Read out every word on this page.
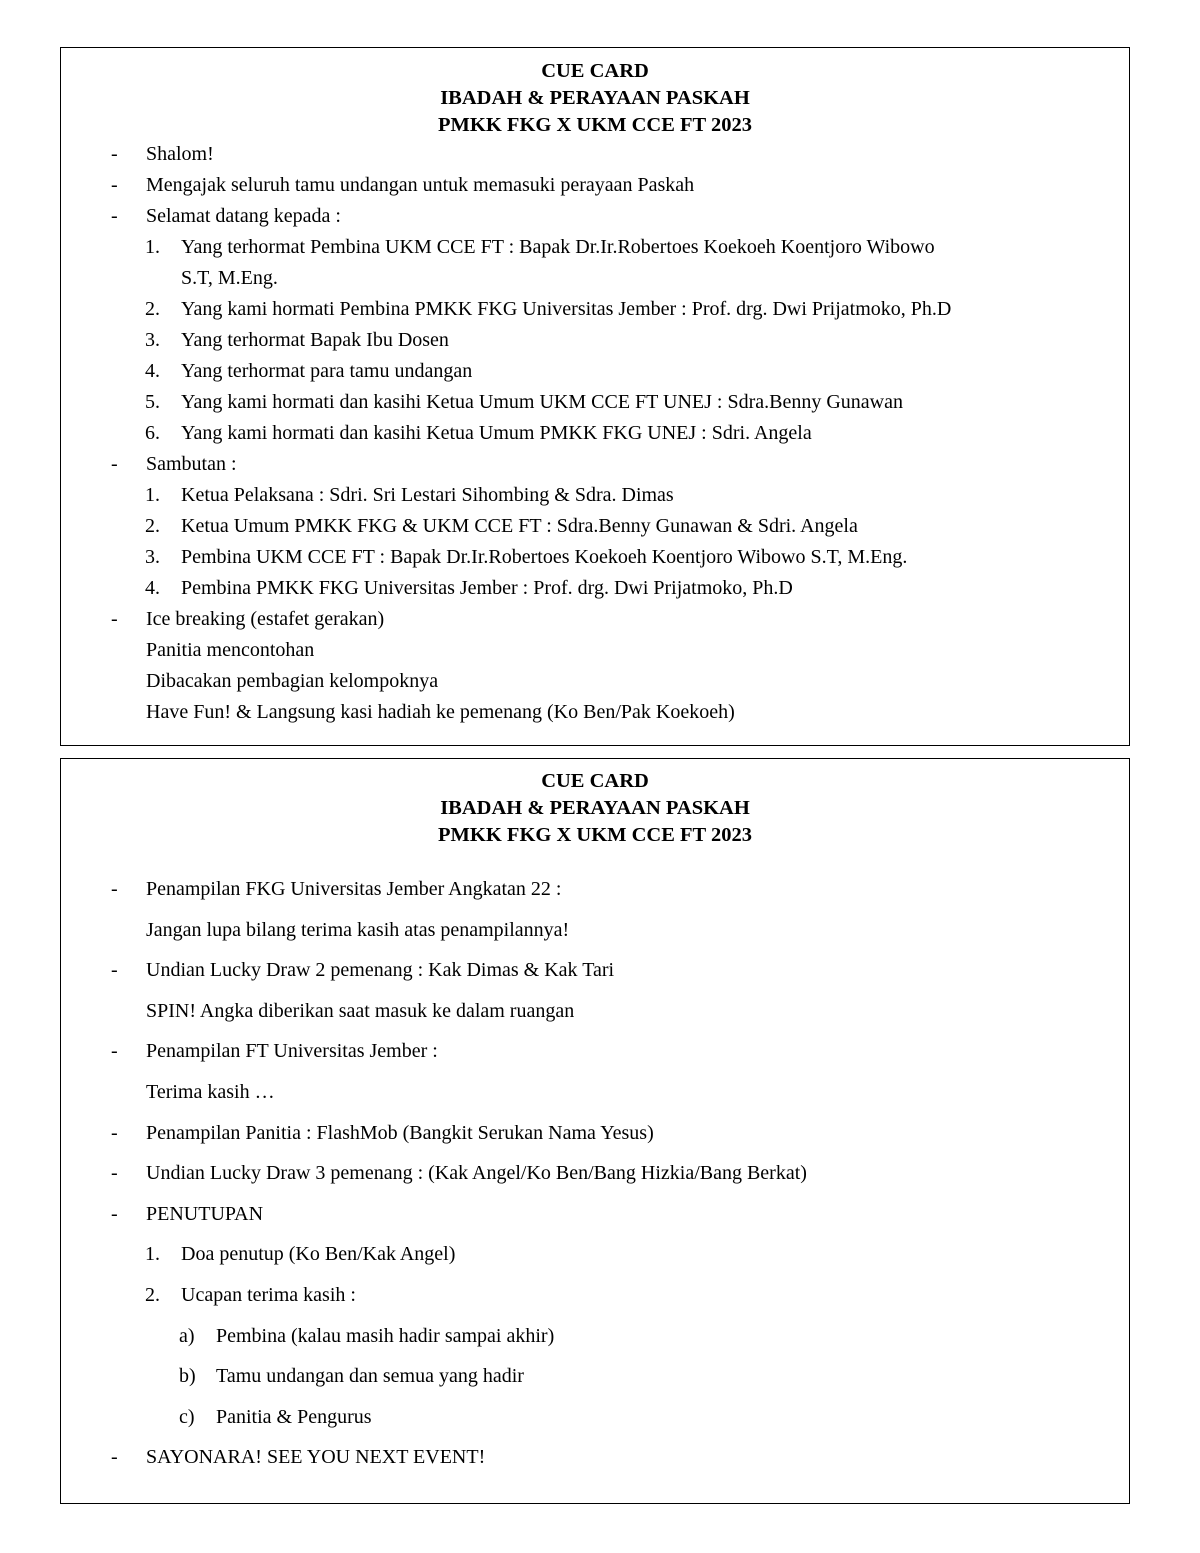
CUE CARD
IBADAH & PERAYAAN PASKAH
PMKK FKG X UKM CCE FT 2023
- Shalom!
- Mengajak seluruh tamu undangan untuk memasuki perayaan Paskah
- Selamat datang kepada :
1. Yang terhormat Pembina UKM CCE FT : Bapak Dr.Ir.Robertoes Koekoeh Koentjoro Wibowo
S.T, M.Eng.
2. Yang kami hormati Pembina PMKK FKG Universitas Jember : Prof. drg. Dwi Prijatmoko, Ph.D
3. Yang terhormat Bapak Ibu Dosen
4. Yang terhormat para tamu undangan
5. Yang kami hormati dan kasihi Ketua Umum UKM CCE FT UNEJ : Sdra.Benny Gunawan
6. Yang kami hormati dan kasihi Ketua Umum PMKK FKG UNEJ : Sdri. Angela
- Sambutan :
1. Ketua Pelaksana : Sdri. Sri Lestari Sihombing & Sdra. Dimas
2. Ketua Umum PMKK FKG & UKM CCE FT : Sdra.Benny Gunawan & Sdri. Angela
3. Pembina UKM CCE FT : Bapak Dr.Ir.Robertoes Koekoeh Koentjoro Wibowo S.T, M.Eng.
4. Pembina PMKK FKG Universitas Jember : Prof. drg. Dwi Prijatmoko, Ph.D
- Ice breaking (estafet gerakan)
Panitia mencontohan
Dibacakan pembagian kelompoknya
Have Fun! & Langsung kasi hadiah ke pemenang (Ko Ben/Pak Koekoeh)
CUE CARD
IBADAH & PERAYAAN PASKAH
PMKK FKG X UKM CCE FT 2023
- Penampilan FKG Universitas Jember Angkatan 22 :
Jangan lupa bilang terima kasih atas penampilannya!
- Undian Lucky Draw 2 pemenang : Kak Dimas & Kak Tari
SPIN! Angka diberikan saat masuk ke dalam ruangan
- Penampilan FT Universitas Jember :
Terima kasih …
- Penampilan Panitia : FlashMob (Bangkit Serukan Nama Yesus)
- Undian Lucky Draw 3 pemenang : (Kak Angel/Ko Ben/Bang Hizkia/Bang Berkat)
- PENUTUPAN
1. Doa penutup (Ko Ben/Kak Angel)
2. Ucapan terima kasih :
a) Pembina (kalau masih hadir sampai akhir)
b) Tamu undangan dan semua yang hadir
c) Panitia & Pengurus
- SAYONARA! SEE YOU NEXT EVENT!
